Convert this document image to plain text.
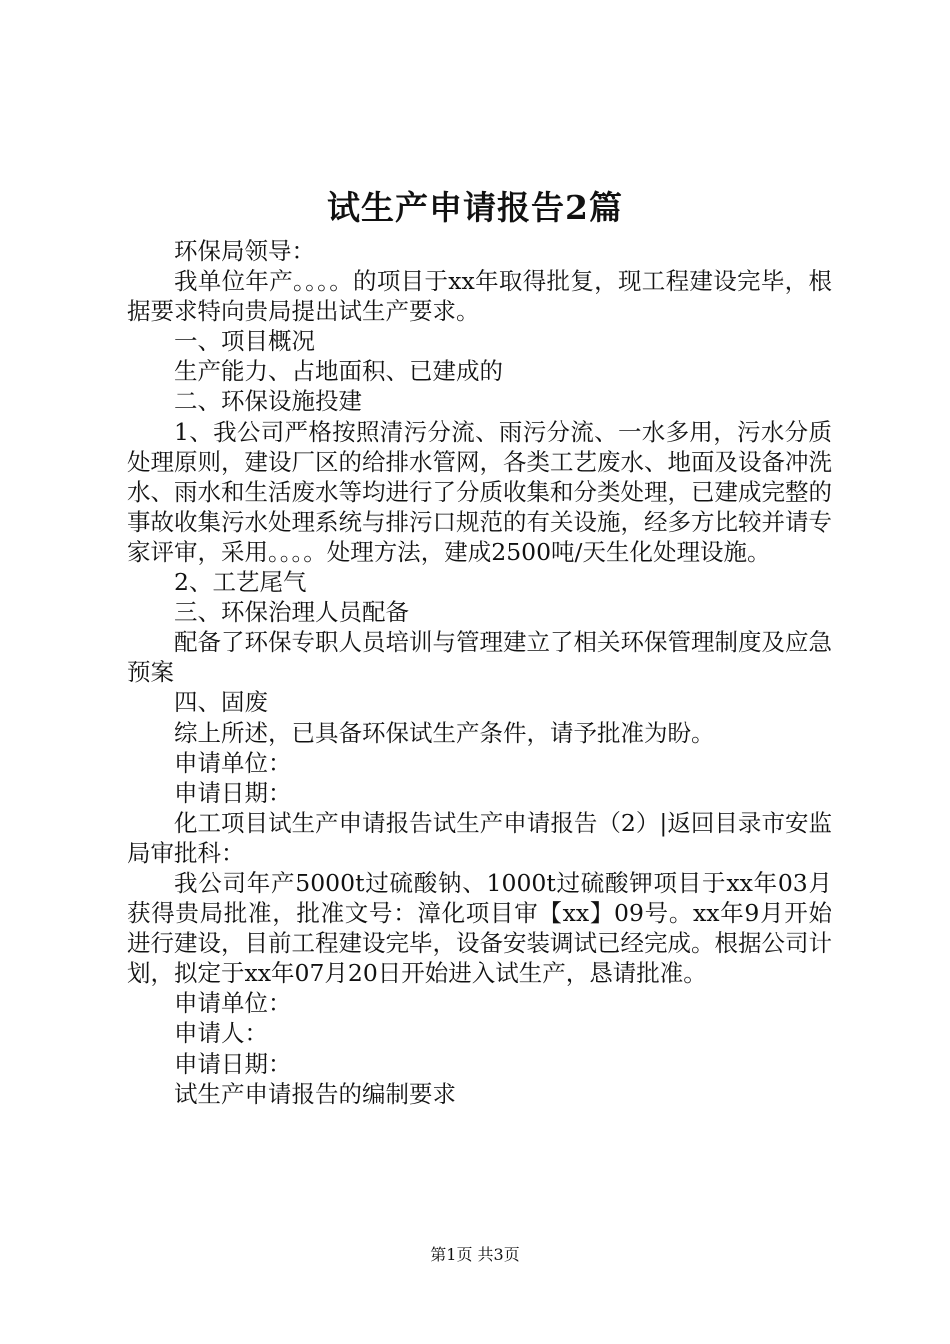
试生产申请报告2篇

环保局领导：

我单位年产。。。。的项目于xx年取得批复，现工程建设完毕，根据要求特向贵局提出试生产要求。

一、项目概况

生产能力、占地面积、已建成的

二、环保设施投建

1、我公司严格按照清污分流、雨污分流、一水多用，污水分质处理原则，建设厂区的给排水管网，各类工艺废水、地面及设备冲洗水、雨水和生活废水等均进行了分质收集和分类处理，已建成完整的事故收集污水处理系统与排污口规范的有关设施，经多方比较并请专家评审，采用。。。。处理方法，建成2500吨/天生化处理设施。

2、工艺尾气

三、环保治理人员配备

配备了环保专职人员培训与管理建立了相关环保管理制度及应急预案

四、固废

综上所述，已具备环保试生产条件，请予批准为盼。

申请单位：

申请日期：

化工项目试生产申请报告试生产申请报告（2）|返回目录市安监局审批科：

我公司年产5000t过硫酸钠、1000t过硫酸钾项目于xx年03月获得贵局批准，批准文号：漳化项目审【xx】09号。xx年9月开始进行建设，目前工程建设完毕，设备安装调试已经完成。根据公司计划，拟定于xx年07月20日开始进入试生产，恳请批准。

申请单位：

申请人：

申请日期：

试生产申请报告的编制要求

第1页 共3页
